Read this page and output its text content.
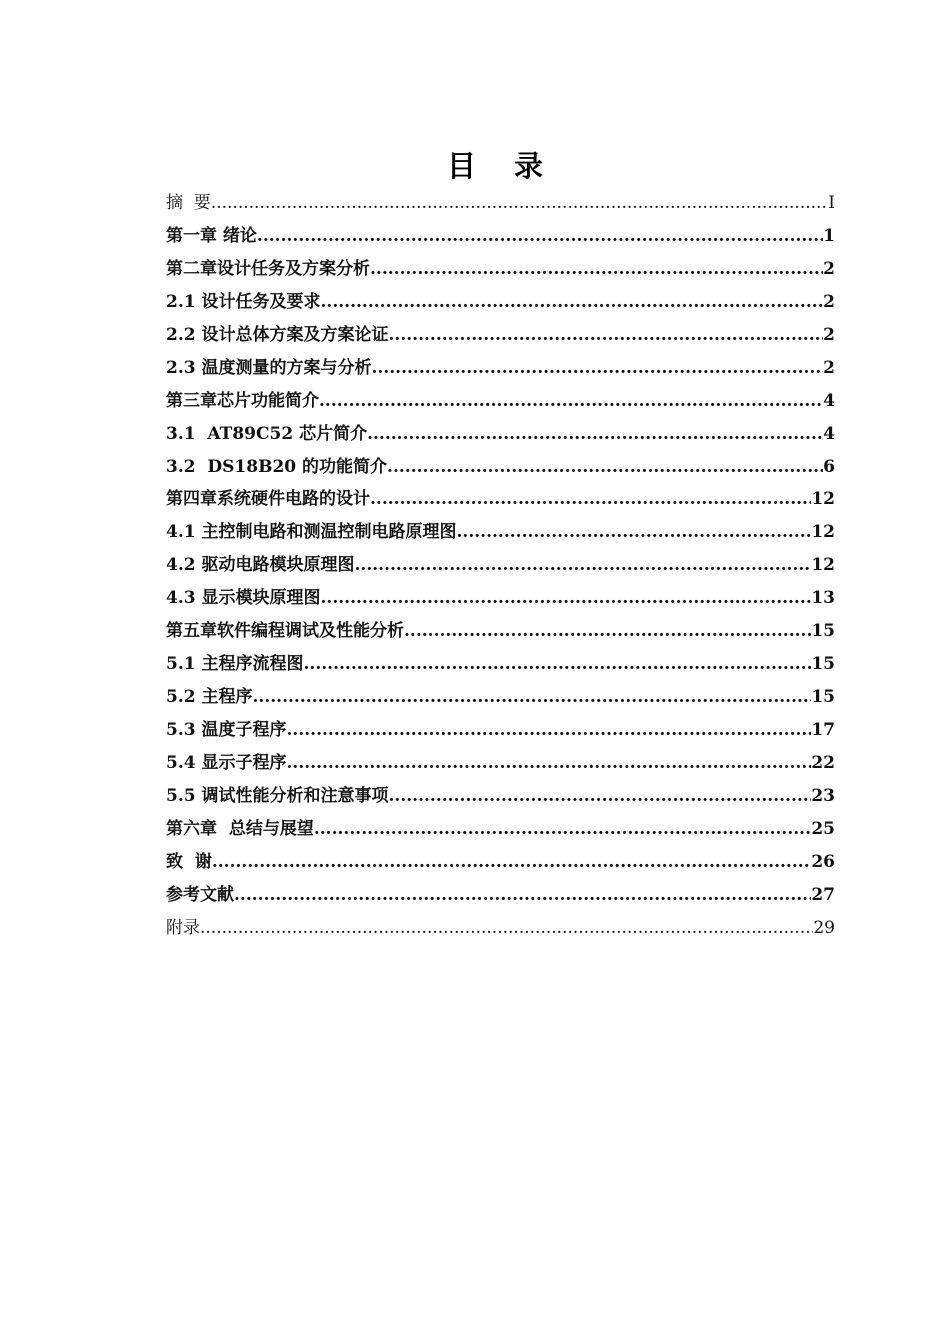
目 录
摘  要 .....	I
第一章 绪论 .....	1
第二章设计任务及方案分析 .....	2
2.1 设计任务及要求 .....	2
2.2 设计总体方案及方案论证 .....	2
2.3 温度测量的方案与分析 .....	2
第三章芯片功能简介 .....	4
3.1  AT89C52 芯片简介 .....	4
3.2  DS18B20 的功能简介 .....	6
第四章系统硬件电路的设计 .....	12
4.1 主控制电路和测温控制电路原理图 .....	12
4.2 驱动电路模块原理图 .....	12
4.3 显示模块原理图 .....	13
第五章软件编程调试及性能分析 .....	15
5.1 主程序流程图 .....	15
5.2 主程序 .....	15
5.3 温度子程序 .....	17
5.4 显示子程序 .....	22
5.5 调试性能分析和注意事项 .....	23
第六章  总结与展望 .....	25
致  谢 .....	26
参考文献 .....	27
附录 .....	29
